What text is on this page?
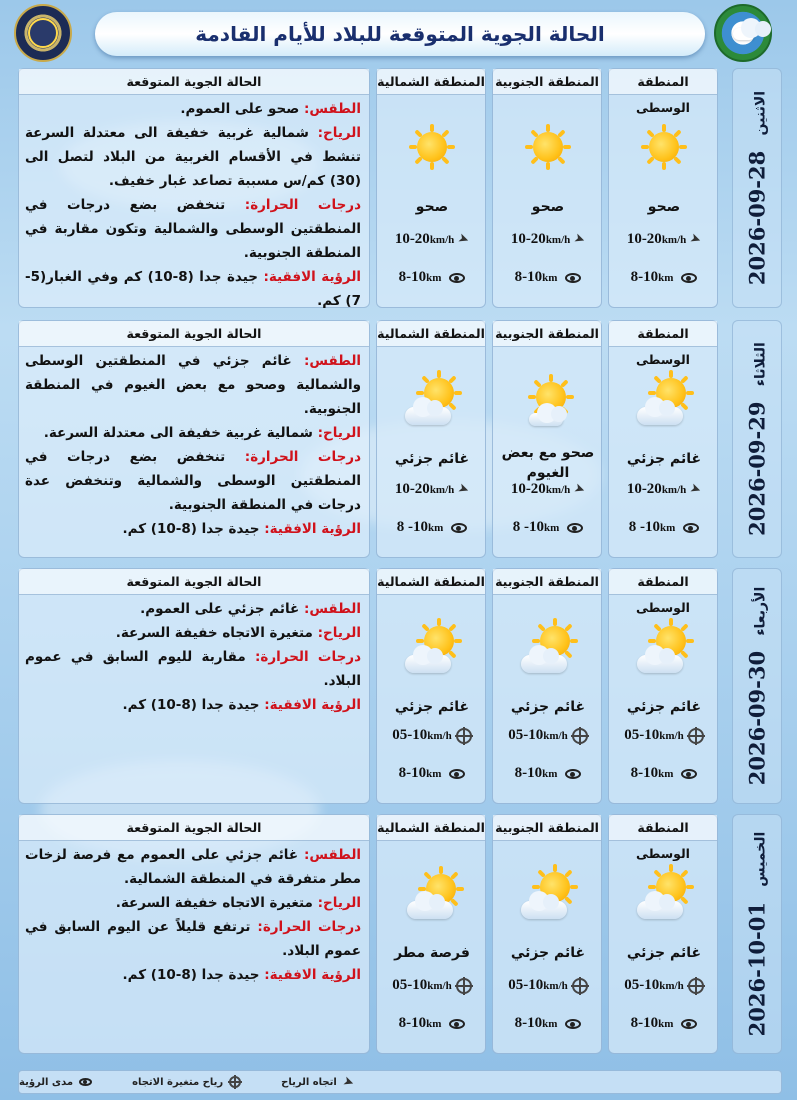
الحالة الجوية المتوقعة للبلاد للأيام القادمة
2026-09-28 الاثنين
المنطقة الوسطى
صحو
10-20km/h ➤
8-10km
المنطقة الجنوبية
صحو
10-20km/h ➤
8-10km
المنطقة الشمالية
صحو
10-20km/h ➤
8-10km
الحالة الجوية المتوقعة
الطقس: صحو على العموم.
الرياح: شمالية غربية خفيفة الى معتدلة السرعة تنشط في الأقسام الغربية من البلاد لتصل الى (30) كم/س مسببة تصاعد غبار خفيف.
درجات الحرارة: تنخفض بضع درجات في المنطقتين الوسطى والشمالية وتكون مقاربة في المنطقة الجنوبية.
الرؤية الافقية: جيدة جدا (8-10) كم وفي الغبار(5-7) كم.
2026-09-29 الثلاثاء
المنطقة الوسطى
غائم جزئي
10-20km/h ➤
8 -10km
المنطقة الجنوبية
صحو مع بعض الغيوم
10-20km/h ➤
8 -10km
المنطقة الشمالية
غائم جزئي
10-20km/h ➤
8 -10km
الحالة الجوية المتوقعة
الطقس: غائم جزئي في المنطقتين الوسطى والشمالية وصحو مع بعض الغيوم في المنطقة الجنوبية.
الرياح: شمالية غربية خفيفة الى معتدلة السرعة.
درجات الحرارة: تنخفض بضع درجات في المنطقتين الوسطى والشمالية وتنخفض عدة درجات في المنطقة الجنوبية.
الرؤية الافقية: جيدة جدا (8-10) كم.
2026-09-30 الأربعاء
المنطقة الوسطى
غائم جزئي
05-10km/h
8-10km
المنطقة الجنوبية
غائم جزئي
05-10km/h
8-10km
المنطقة الشمالية
غائم جزئي
05-10km/h
8-10km
الحالة الجوية المتوقعة
الطقس: غائم جزئي على العموم.
الرياح: متغيرة الاتجاه خفيفة السرعة.
درجات الحرارة: مقاربة لليوم السابق في عموم البلاد.
الرؤية الافقية: جيدة جدا (8-10) كم.
2026-10-01 الخميس
المنطقة الوسطى
غائم جزئي
05-10km/h
8-10km
المنطقة الجنوبية
غائم جزئي
05-10km/h
8-10km
المنطقة الشمالية
فرصة مطر
05-10km/h
8-10km
الحالة الجوية المتوقعة
الطقس: غائم جزئي على العموم مع فرصة لزخات مطر متفرقة في المنطقة الشمالية.
الرياح: متغيرة الاتجاه خفيفة السرعة.
درجات الحرارة: ترتفع قليلاً عن اليوم السابق في عموم البلاد.
الرؤية الافقية: جيدة جدا (8-10) كم.
➤
اتجاه الرياح
رياح متغيرة الاتجاه
مدى الرؤية
